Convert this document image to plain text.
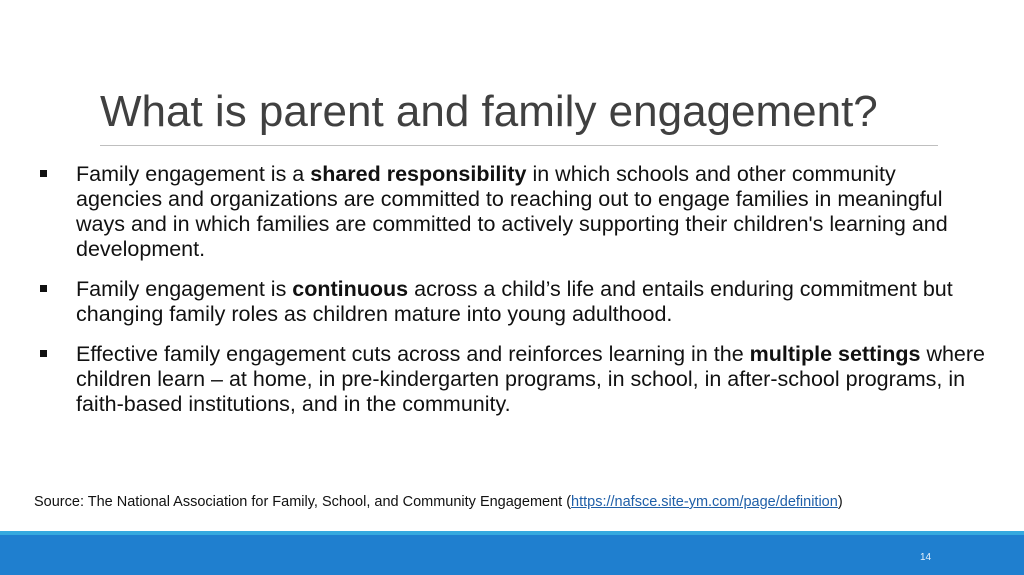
What is parent and family engagement?
Family engagement is a shared responsibility in which schools and other community agencies and organizations are committed to reaching out to engage families in meaningful ways and in which families are committed to actively supporting their children's learning and development.
Family engagement is continuous across a child’s life and entails enduring commitment but changing family roles as children mature into young adulthood.
Effective family engagement cuts across and reinforces learning in the multiple settings where children learn – at home, in pre-kindergarten programs, in school, in after-school programs, in faith-based institutions, and in the community.
Source: The National Association for Family, School, and Community Engagement (https://nafsce.site-ym.com/page/definition)
14
